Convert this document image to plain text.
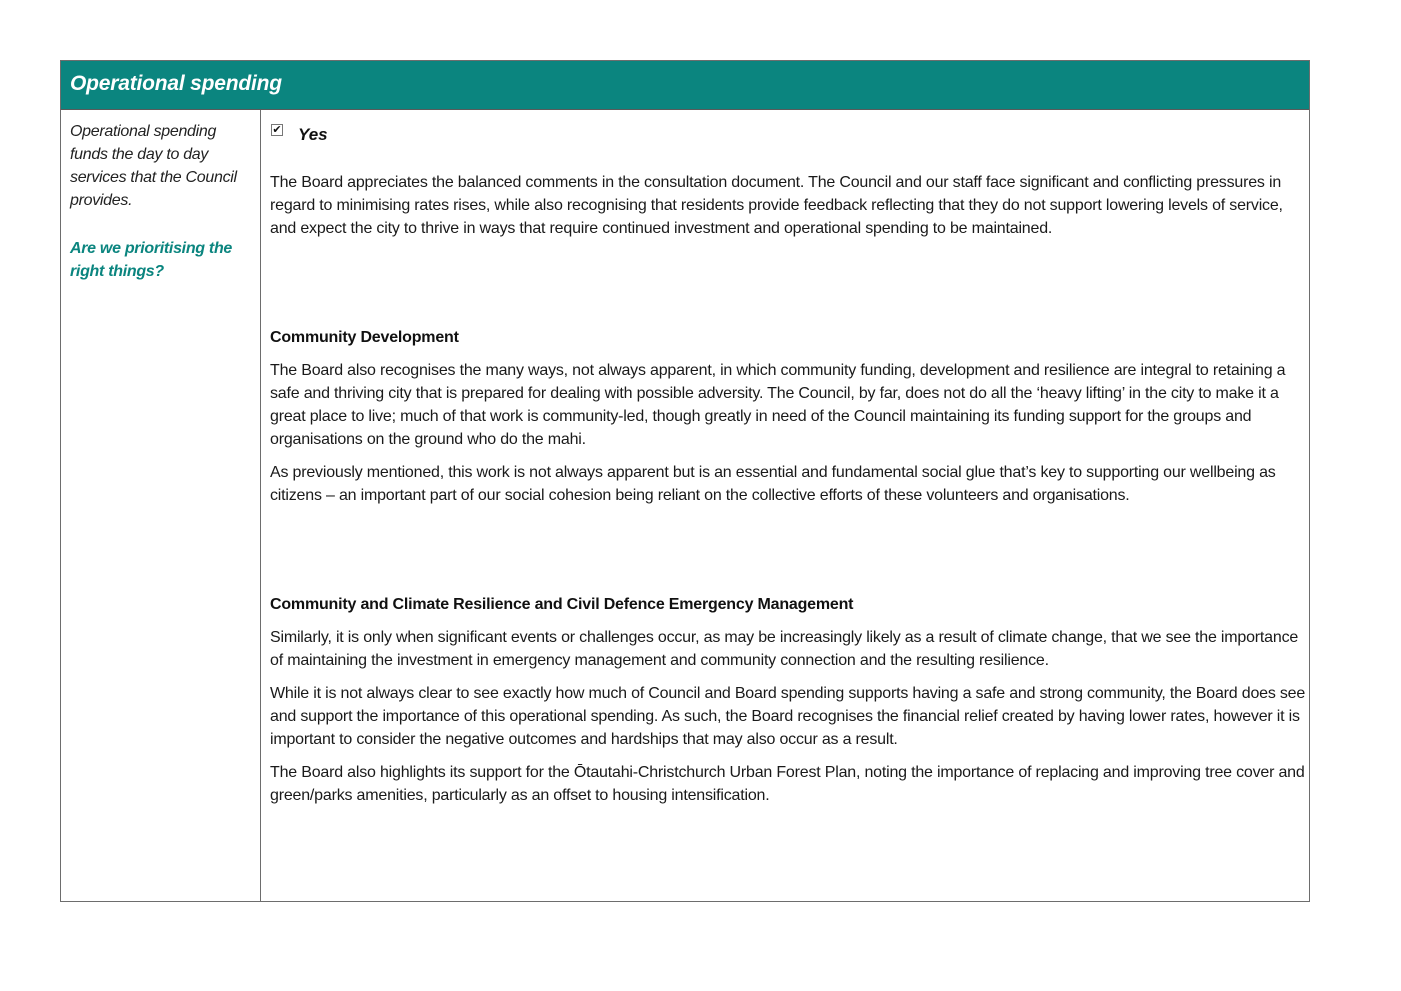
Operational spending

Operational spending funds the day to day services that the Council provides.

Are we prioritising the right things?

✔ Yes

The Board appreciates the balanced comments in the consultation document. The Council and our staff face significant and conflicting pressures in regard to minimising rates rises, while also recognising that residents provide feedback reflecting that they do not support lowering levels of service, and expect the city to thrive in ways that require continued investment and operational spending to be maintained.

Community Development

The Board also recognises the many ways, not always apparent, in which community funding, development and resilience are integral to retaining a safe and thriving city that is prepared for dealing with possible adversity. The Council, by far, does not do all the ‘heavy lifting’ in the city to make it a great place to live; much of that work is community-led, though greatly in need of the Council maintaining its funding support for the groups and organisations on the ground who do the mahi.

As previously mentioned, this work is not always apparent but is an essential and fundamental social glue that’s key to supporting our wellbeing as citizens – an important part of our social cohesion being reliant on the collective efforts of these volunteers and organisations.

Community and Climate Resilience and Civil Defence Emergency Management

Similarly, it is only when significant events or challenges occur, as may be increasingly likely as a result of climate change, that we see the importance of maintaining the investment in emergency management and community connection and the resulting resilience.

While it is not always clear to see exactly how much of Council and Board spending supports having a safe and strong community, the Board does see and support the importance of this operational spending. As such, the Board recognises the financial relief created by having lower rates, however it is important to consider the negative outcomes and hardships that may also occur as a result.

The Board also highlights its support for the Ōtautahi-Christchurch Urban Forest Plan, noting the importance of replacing and improving tree cover and green/parks amenities, particularly as an offset to housing intensification.
